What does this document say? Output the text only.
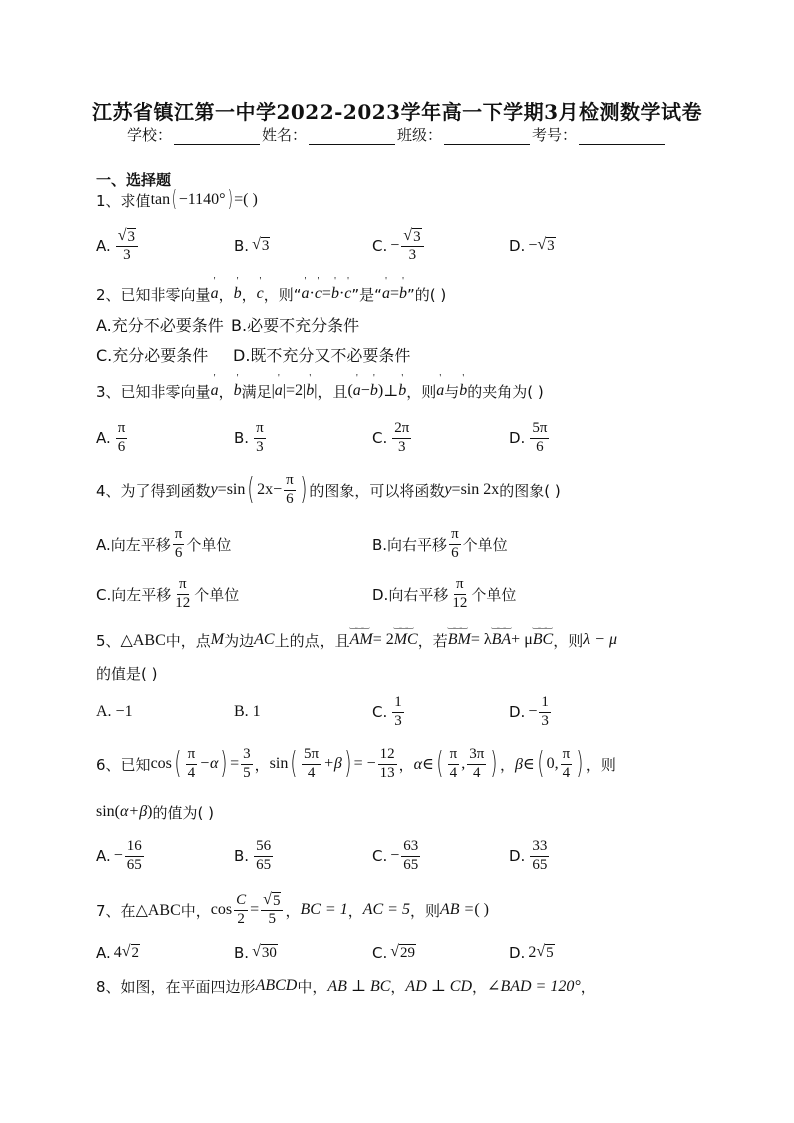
江苏省镇江第一中学2022-2023学年高一下学期3月检测数学试卷
学校：	姓名：	班级：	考号：
一、选择题
1、 求值 tan ( −1140° ) =( )
A. $\frac{√ 3}{3}$	B. √ 3	C. − $\frac{√ 3}{3}$	D. − √ 3
2、 已知非零向量 ' a ， ' b ， ' c ，则“ ' a · ' c = ' b · ' c ”是“ ' a = ' b ”的( )
A.充分不必要条件 B.必要不充分条件
C.充分必要条件 D.既不充分又不必要条件
3、 已知非零向量 ' a ， ' b 满足 | ' a | = 2 | ' b | ，且 ( ' a − ' b ) ⊥ ' b ，则 ' a 与 ' b 的夹角为( )
A. $\frac{\pi}{6}$	B. $\frac{\pi}{3}$	C. $\frac{2\pi}{3}$	D. $\frac{5\pi}{6}$
4、 为了得到函数 y = sin ( $2x- \frac{\pi}{6}$ ) 的图象，可以将函数 y = sin 2x 的图象( )
A.向左平移 $\frac{\pi}{6}$ 个单位	B.向右平移 $\frac{\pi}{6}$ 个单位
C.向左平移 $\frac{\pi}{12}$ 个单位	D.向右平移 $\frac{\pi}{12}$ 个单位
5、 △ABC 中，点 M 为边 AC 上的点，且 ‿‿‿ AM = 2 ‿‿‿ MC ，若 ‿‿‿ BM = λ ‿‿‿ BA + μ ‿‿‿ BC ，则 λ − μ
的值是( )
A. −1	B. 1	C. $\frac{1}{3}$	D. − $\frac{1}{3}$
6、 已知 cos ( $\frac{\pi}{4} -\alpha$ ) = $\frac{3}{5}$ ， sin ( $\frac{5\pi}{4} +\beta$ ) = − $\frac{12}{13}$ ， α∈ ( $\frac{\pi}{4}$ , $\frac{3\pi}{4}$ ) ， β∈ ( 0, $\frac{\pi}{4}$ ) ，则
sin ( α+β ) 的值为( )
A. − $\frac{16}{65}$	B. $\frac{56}{65}$	C. − $\frac{63}{65}$	D. $\frac{33}{65}$
7、 在 △ABC 中， $\cos \frac{C}{2} = \frac{√ 5}{5}$ ， BC = 1 ， AC = 5 ，则 AB = ( )
A. 4 √ 2	B. √ 30	C. √ 29	D. 2 √ 5
8、 如图，在平面四边形 ABCD 中， AB ⊥ BC ， AD ⊥ CD ， ∠BAD = 120° ，
